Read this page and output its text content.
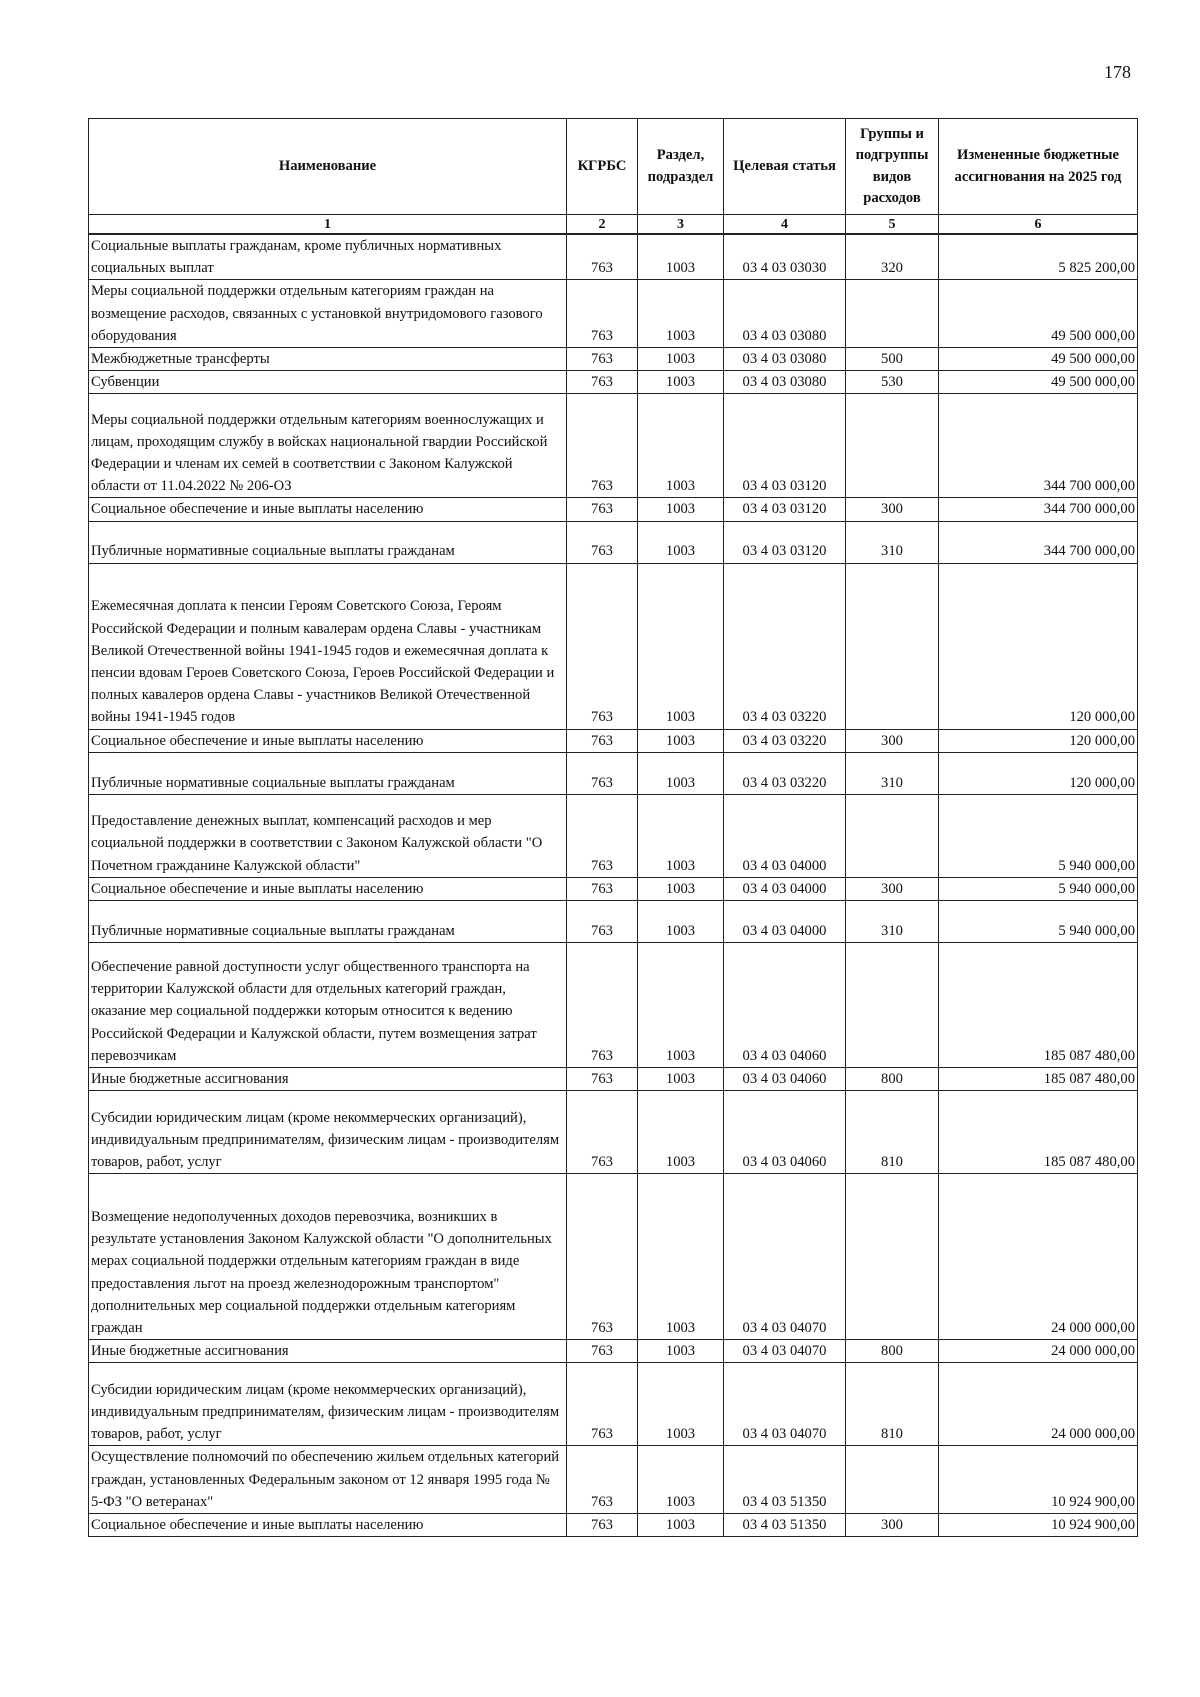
178
Наименование	КГРБС	Раздел, подраздел	Целевая статья	Группы и подгруппы видов расходов	Измененные бюджетные ассигнования на 2025 год
1	2	3	4	5	6
Социальные выплаты гражданам, кроме публичных нормативных социальных выплат	763	1003	03 4 03 03030	320	5 825 200,00
Меры социальной поддержки отдельным категориям граждан на возмещение расходов, связанных с установкой внутридомового газового оборудования	763	1003	03 4 03 03080		49 500 000,00
Межбюджетные трансферты	763	1003	03 4 03 03080	500	49 500 000,00
Субвенции	763	1003	03 4 03 03080	530	49 500 000,00
Меры социальной поддержки отдельным категориям военнослужащих и лицам, проходящим службу в войсках национальной гвардии Российской Федерации и членам их семей в соответствии с Законом Калужской области от 11.04.2022 № 206-ОЗ	763	1003	03 4 03 03120		344 700 000,00
Социальное обеспечение и иные выплаты населению	763	1003	03 4 03 03120	300	344 700 000,00
Публичные нормативные социальные выплаты гражданам	763	1003	03 4 03 03120	310	344 700 000,00
Ежемесячная доплата к пенсии Героям Советского Союза, Героям Российской Федерации и полным кавалерам ордена Славы - участникам Великой Отечественной войны 1941-1945 годов и ежемесячная доплата к пенсии вдовам Героев Советского Союза, Героев Российской Федерации и полных кавалеров ордена Славы - участников Великой Отечественной войны 1941-1945 годов	763	1003	03 4 03 03220		120 000,00
Социальное обеспечение и иные выплаты населению	763	1003	03 4 03 03220	300	120 000,00
Публичные нормативные социальные выплаты гражданам	763	1003	03 4 03 03220	310	120 000,00
Предоставление денежных выплат, компенсаций расходов и мер социальной поддержки в соответствии с Законом Калужской области "О Почетном гражданине Калужской области"	763	1003	03 4 03 04000		5 940 000,00
Социальное обеспечение и иные выплаты населению	763	1003	03 4 03 04000	300	5 940 000,00
Публичные нормативные социальные выплаты гражданам	763	1003	03 4 03 04000	310	5 940 000,00
Обеспечение равной доступности услуг общественного транспорта на территории Калужской области для отдельных категорий граждан, оказание мер социальной поддержки которым относится к ведению Российской Федерации и Калужской области, путем возмещения затрат перевозчикам	763	1003	03 4 03 04060		185 087 480,00
Иные бюджетные ассигнования	763	1003	03 4 03 04060	800	185 087 480,00
Субсидии юридическим лицам (кроме некоммерческих организаций), индивидуальным предпринимателям, физическим лицам - производителям товаров, работ, услуг	763	1003	03 4 03 04060	810	185 087 480,00
Возмещение недополученных доходов перевозчика, возникших в результате установления Законом Калужской области "О дополнительных мерах социальной поддержки отдельным категориям граждан в виде предоставления льгот на проезд железнодорожным транспортом" дополнительных мер социальной поддержки отдельным категориям граждан	763	1003	03 4 03 04070		24 000 000,00
Иные бюджетные ассигнования	763	1003	03 4 03 04070	800	24 000 000,00
Субсидии юридическим лицам (кроме некоммерческих организаций), индивидуальным предпринимателям, физическим лицам - производителям товаров, работ, услуг	763	1003	03 4 03 04070	810	24 000 000,00
Осуществление полномочий по обеспечению жильем отдельных категорий граждан, установленных Федеральным законом от 12 января 1995 года № 5-ФЗ "О ветеранах"	763	1003	03 4 03 51350		10 924 900,00
Социальное обеспечение и иные выплаты населению	763	1003	03 4 03 51350	300	10 924 900,00
